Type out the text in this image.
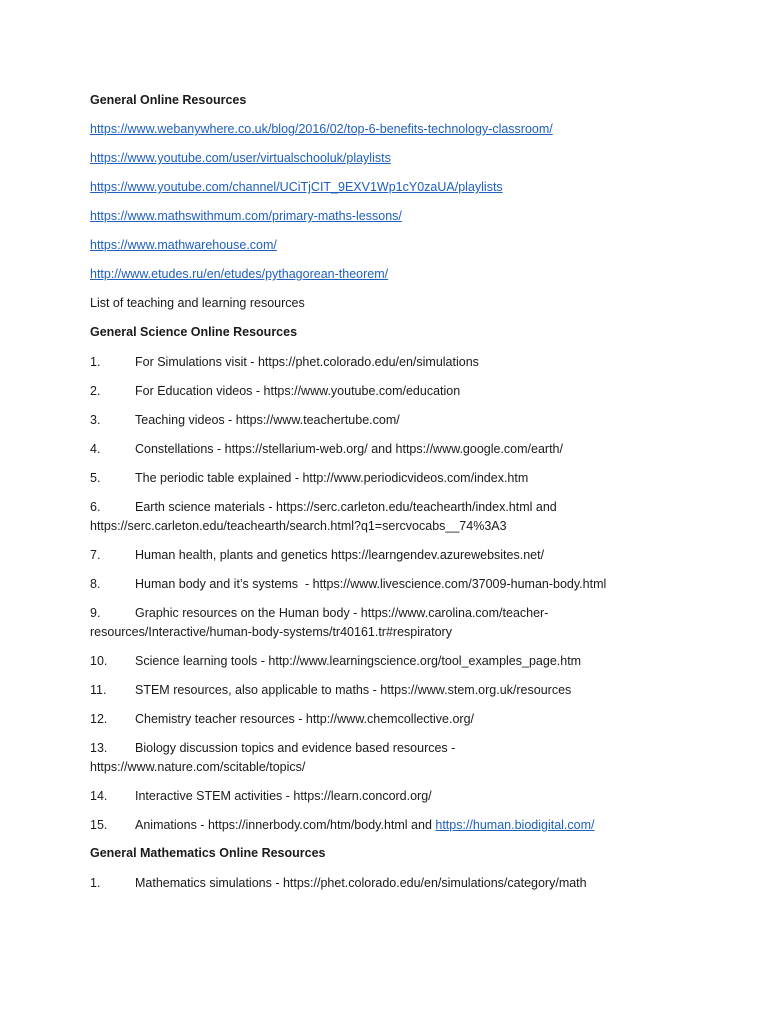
General Online Resources
https://www.webanywhere.co.uk/blog/2016/02/top-6-benefits-technology-classroom/
https://www.youtube.com/user/virtualschooluk/playlists
https://www.youtube.com/channel/UCiTjCIT_9EXV1Wp1cY0zaUA/playlists
https://www.mathswithmum.com/primary-maths-lessons/
https://www.mathwarehouse.com/
http://www.etudes.ru/en/etudes/pythagorean-theorem/
List of teaching and learning resources
General Science Online Resources
1.	For Simulations visit - https://phet.colorado.edu/en/simulations
2.	For Education videos - https://www.youtube.com/education
3.	Teaching videos - https://www.teachertube.com/
4.	Constellations - https://stellarium-web.org/ and https://www.google.com/earth/
5.	The periodic table explained - http://www.periodicvideos.com/index.htm
6.	Earth science materials - https://serc.carleton.edu/teachearth/index.html and
https://serc.carleton.edu/teachearth/search.html?q1=sercvocabs__74%3A3
7.	Human health, plants and genetics https://learngendev.azurewebsites.net/
8.	Human body and it’s systems  - https://www.livescience.com/37009-human-body.html
9.	Graphic resources on the Human body - https://www.carolina.com/teacher-
resources/Interactive/human-body-systems/tr40161.tr#respiratory
10. Science learning tools - http://www.learningscience.org/tool_examples_page.htm
11. STEM resources, also applicable to maths - https://www.stem.org.uk/resources
12. Chemistry teacher resources - http://www.chemcollective.org/
13. Biology discussion topics and evidence based resources -
https://www.nature.com/scitable/topics/
14. Interactive STEM activities - https://learn.concord.org/
15. Animations - https://innerbody.com/htm/body.html and https://human.biodigital.com/
General Mathematics Online Resources
1.	Mathematics simulations - https://phet.colorado.edu/en/simulations/category/math
